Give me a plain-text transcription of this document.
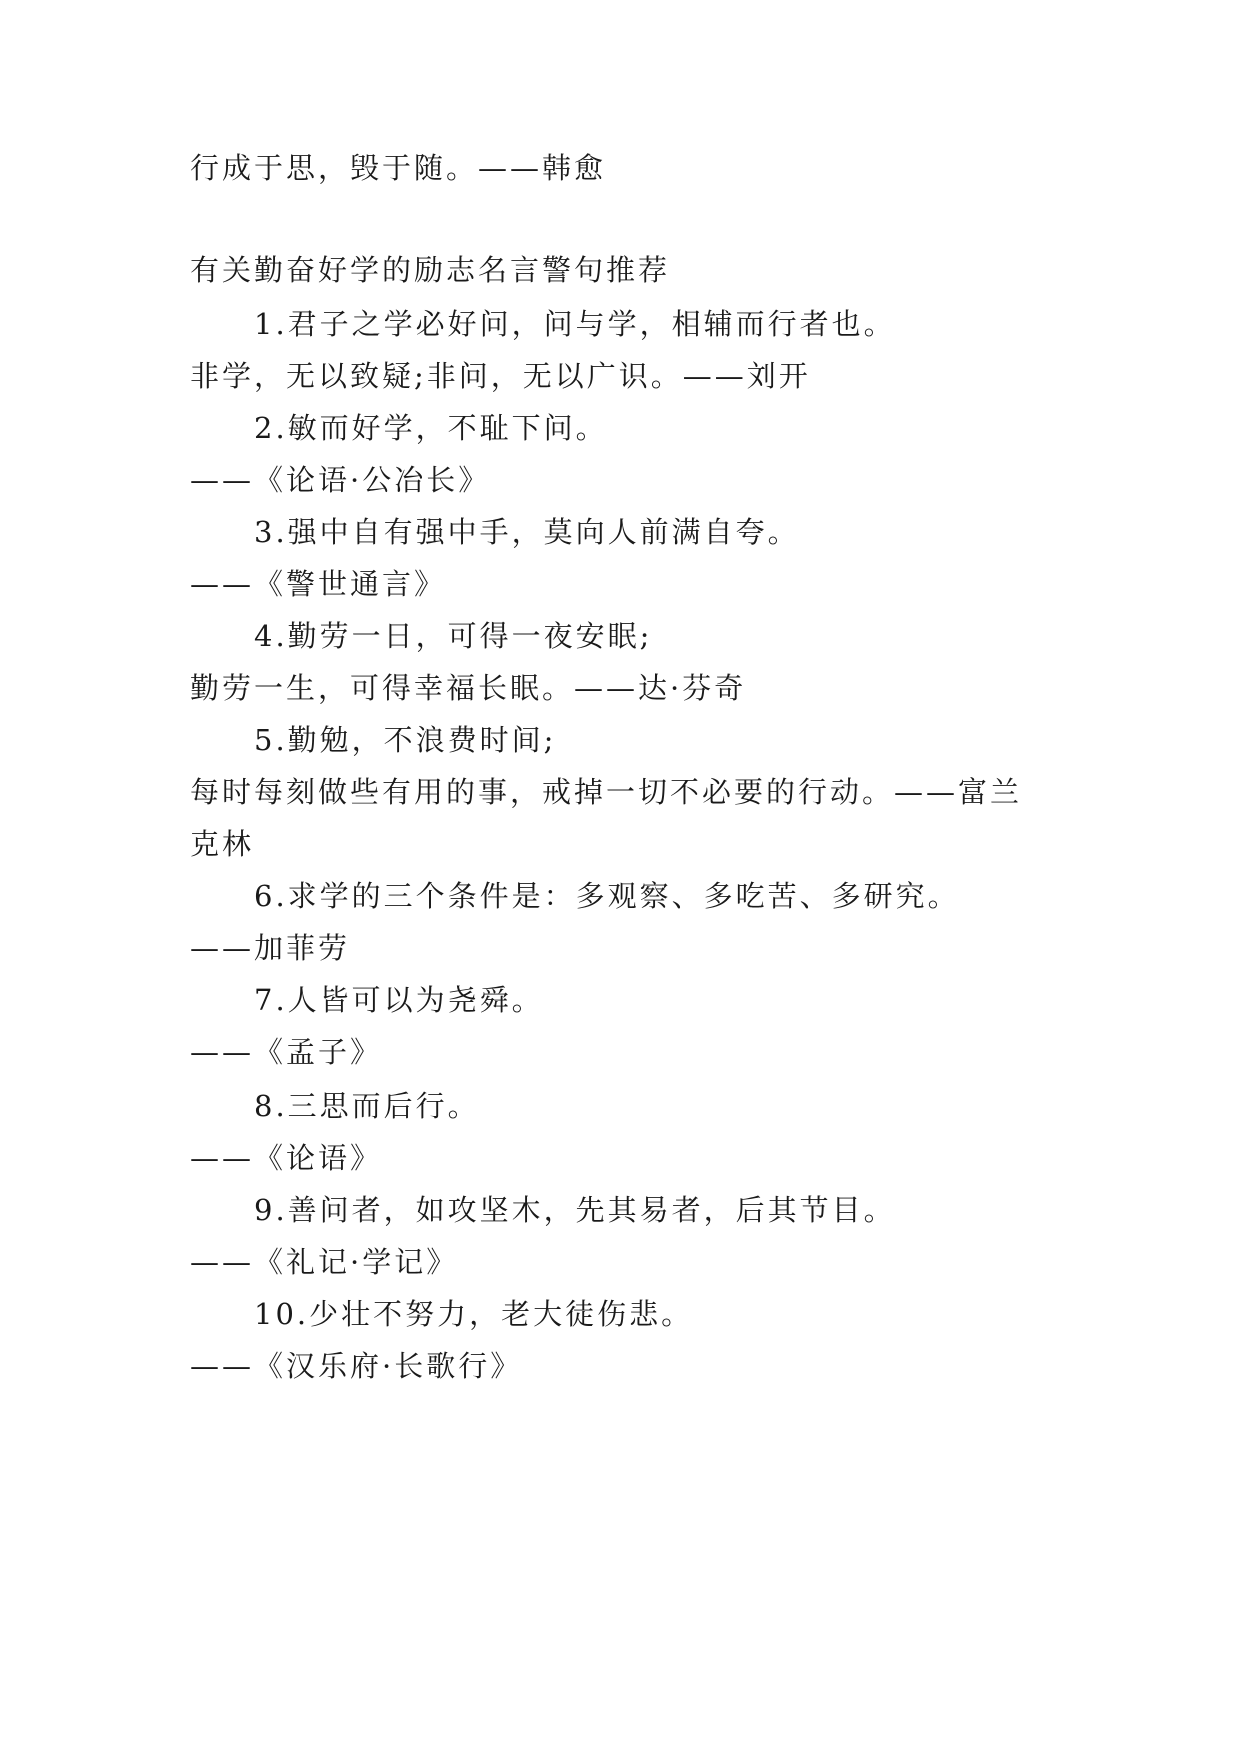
行成于思，毁于随。——韩愈
有关勤奋好学的励志名言警句推荐
1.君子之学必好问，问与学，相辅而行者也。
非学，无以致疑;非问，无以广识。——刘开
2.敏而好学，不耻下问。
——《论语·公冶长》
3.强中自有强中手，莫向人前满自夸。
——《警世通言》
4.勤劳一日，可得一夜安眠;
勤劳一生，可得幸福长眠。——达·芬奇
5.勤勉，不浪费时间;
每时每刻做些有用的事，戒掉一切不必要的行动。——富兰
克林
6.求学的三个条件是：多观察、多吃苦、多研究。
——加菲劳
7.人皆可以为尧舜。
——《孟子》
8.三思而后行。
——《论语》
9.善问者，如攻坚木，先其易者，后其节目。
——《礼记·学记》
10.少壮不努力，老大徒伤悲。
——《汉乐府·长歌行》
